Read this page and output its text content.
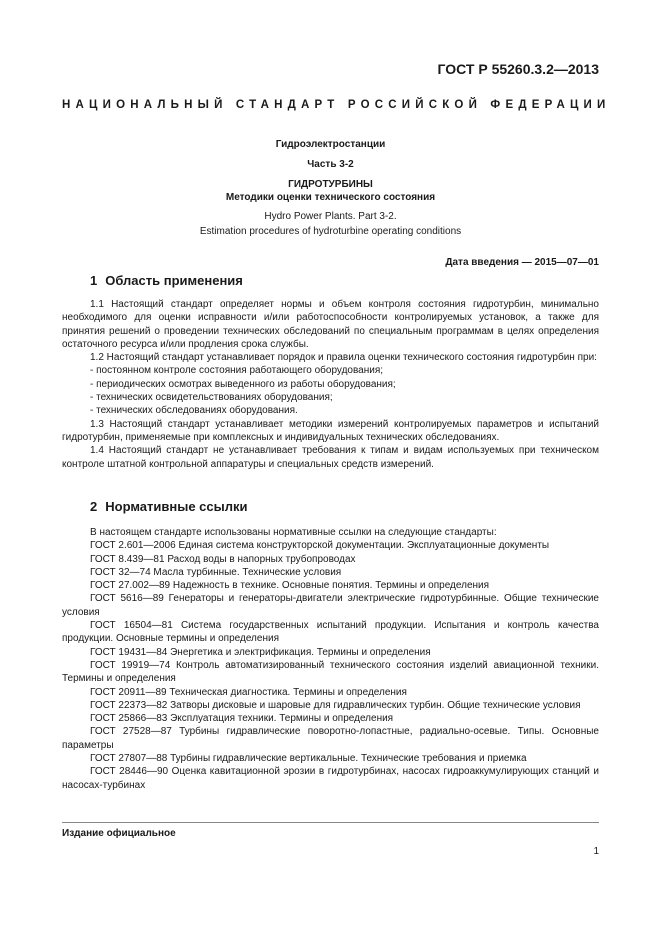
ГОСТ Р 55260.3.2—2013
НАЦИОНАЛЬНЫЙ СТАНДАРТ РОССИЙСКОЙ ФЕДЕРАЦИИ
Гидроэлектростанции
Часть 3-2
ГИДРОТУРБИНЫ
Методики оценки технического состояния
Hydro Power Plants. Part 3-2.
Estimation procedures of hydroturbine operating conditions
Дата введения — 2015—07—01
1 Область применения

1.1 Настоящий стандарт определяет нормы и объем контроля состояния гидротурбин, минимально необходимого для оценки исправности и/или работоспособности контролируемых установок, а также для принятия решений о проведении технических обследований по специальным программам в целях определения остаточного ресурса и/или продления срока службы.

1.2 Настоящий стандарт устанавливает порядок и правила оценки технического состояния гидротурбин при:

- постоянном контроле состояния работающего оборудования;

- периодических осмотрах выведенного из работы оборудования;

- технических освидетельствованиях оборудования;

- технических обследованиях оборудования.

1.3 Настоящий стандарт устанавливает методики измерений контролируемых параметров и испытаний гидротурбин, применяемые при комплексных и индивидуальных технических обследованиях.

1.4 Настоящий стандарт не устанавливает требования к типам и видам используемых при техническом контроле штатной контрольной аппаратуры и специальных средств измерений.

2 Нормативные ссылки

В настоящем стандарте использованы нормативные ссылки на следующие стандарты:

ГОСТ 2.601—2006 Единая система конструкторской документации. Эксплуатационные документы

ГОСТ 8.439—81 Расход воды в напорных трубопроводах

ГОСТ 32—74 Масла турбинные. Технические условия

ГОСТ 27.002—89 Надежность в технике. Основные понятия. Термины и определения

ГОСТ 5616—89 Генераторы и генераторы-двигатели электрические гидротурбинные. Общие технические условия

ГОСТ 16504—81 Система государственных испытаний продукции. Испытания и контроль качества продукции. Основные термины и определения

ГОСТ 19431—84 Энергетика и электрификация. Термины и определения

ГОСТ 19919—74 Контроль автоматизированный технического состояния изделий авиационной техники. Термины и определения

ГОСТ 20911—89 Техническая диагностика. Термины и определения

ГОСТ 22373—82 Затворы дисковые и шаровые для гидравлических турбин. Общие технические условия

ГОСТ 25866—83 Эксплуатация техники. Термины и определения

ГОСТ 27528—87 Турбины гидравлические поворотно-лопастные, радиально-осевые. Типы. Основные параметры

ГОСТ 27807—88 Турбины гидравлические вертикальные. Технические требования и приемка

ГОСТ 28446—90 Оценка кавитационной эрозии в гидротурбинах, насосах гидроаккумулирующих станций и насосах-турбинах

Издание официальное
1
